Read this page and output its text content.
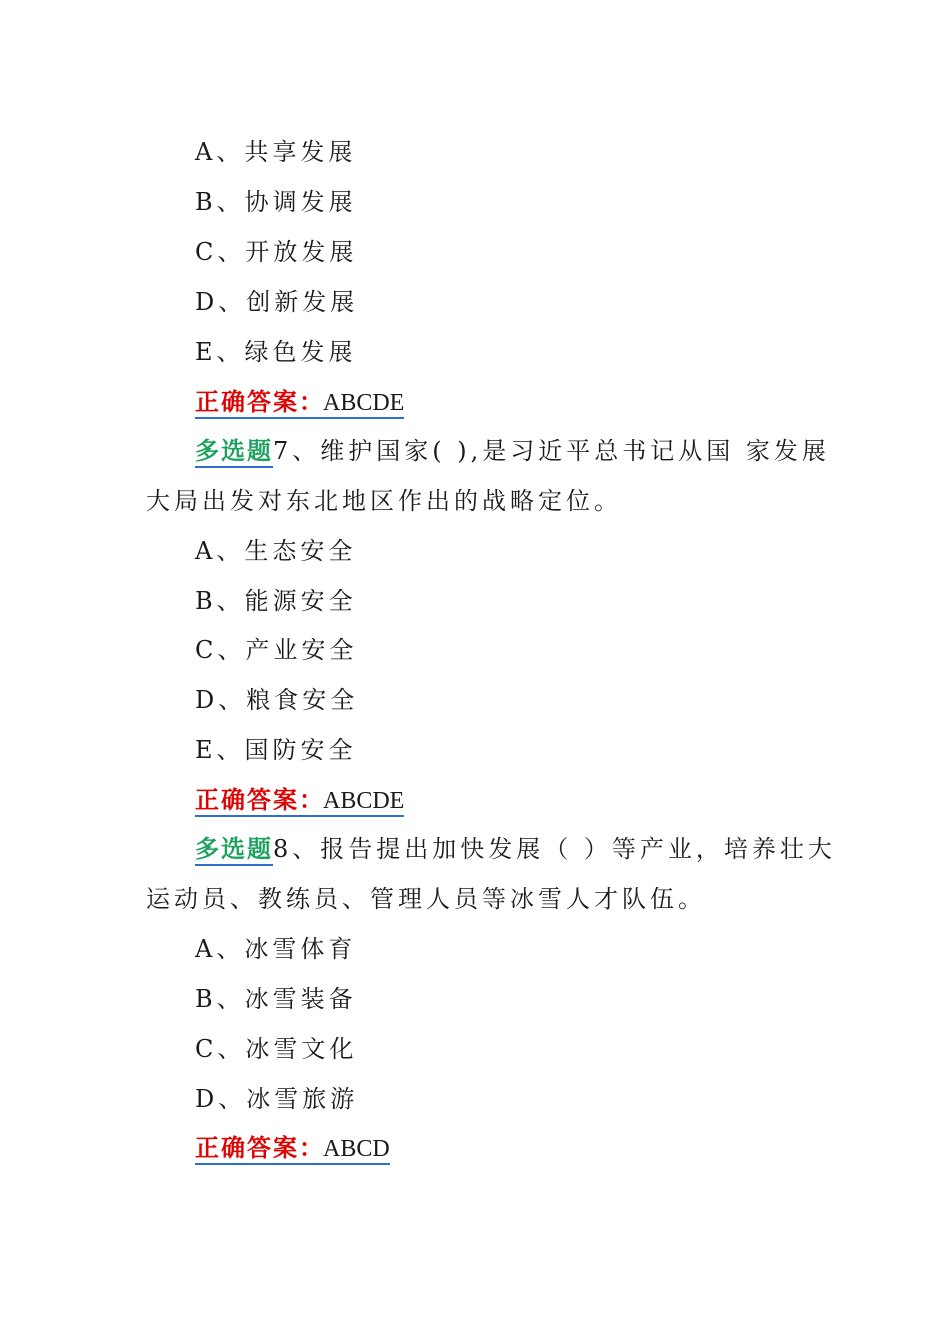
A、共享发展
B、协调发展
C、开放发展
D、创新发展
E、绿色发展
正确答案：ABCDE
多选题7、维护国家( ),是习近平总书记从国 家发展
大局出发对东北地区作出的战略定位。
A、生态安全
B、能源安全
C、产业安全
D、粮食安全
E、国防安全
正确答案：ABCDE
多选题8、报告提出加快发展（ ）等产业，培养壮大
运动员、教练员、管理人员等冰雪人才队伍。
A、冰雪体育
B、冰雪装备
C、冰雪文化
D、冰雪旅游
正确答案：ABCD
